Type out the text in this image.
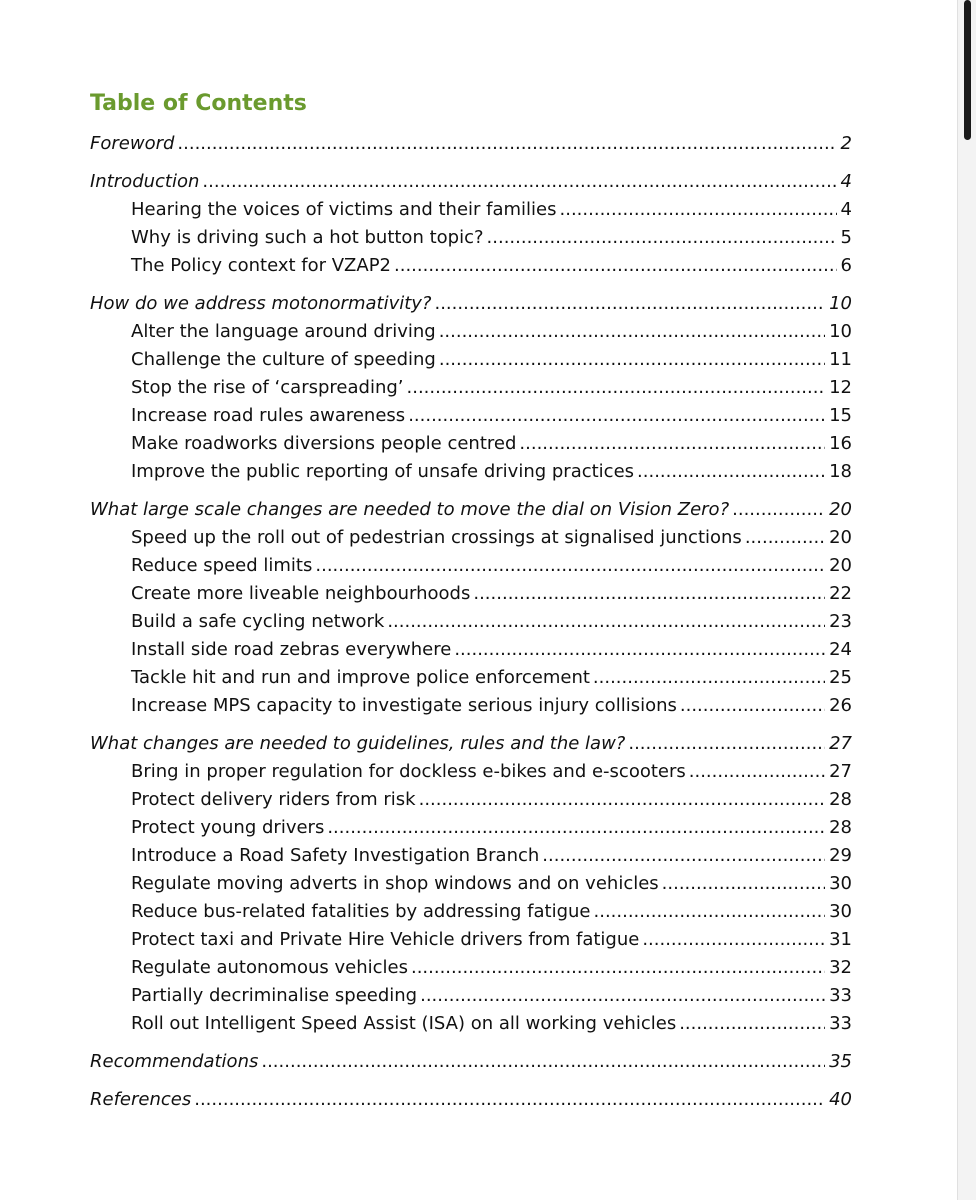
Table of Contents
Foreword .....	2
Introduction .....	4
Hearing the voices of victims and their families .....	4
Why is driving such a hot button topic? .....	5
The Policy context for VZAP2 .....	6
How do we address motonormativity? .....	10
Alter the language around driving .....	10
Challenge the culture of speeding .....	11
Stop the rise of ‘carspreading’ .....	12
Increase road rules awareness .....	15
Make roadworks diversions people centred .....	16
Improve the public reporting of unsafe driving practices .....	18
What large scale changes are needed to move the dial on Vision Zero? .....	20
Speed up the roll out of pedestrian crossings at signalised junctions .....	20
Reduce speed limits .....	20
Create more liveable neighbourhoods .....	22
Build a safe cycling network .....	23
Install side road zebras everywhere .....	24
Tackle hit and run and improve police enforcement .....	25
Increase MPS capacity to investigate serious injury collisions .....	26
What changes are needed to guidelines, rules and the law? .....	27
Bring in proper regulation for dockless e-bikes and e-scooters .....	27
Protect delivery riders from risk .....	28
Protect young drivers .....	28
Introduce a Road Safety Investigation Branch .....	29
Regulate moving adverts in shop windows and on vehicles .....	30
Reduce bus-related fatalities by addressing fatigue .....	30
Protect taxi and Private Hire Vehicle drivers from fatigue .....	31
Regulate autonomous vehicles .....	32
Partially decriminalise speeding .....	33
Roll out Intelligent Speed Assist (ISA) on all working vehicles .....	33
Recommendations .....	35
References .....	40
